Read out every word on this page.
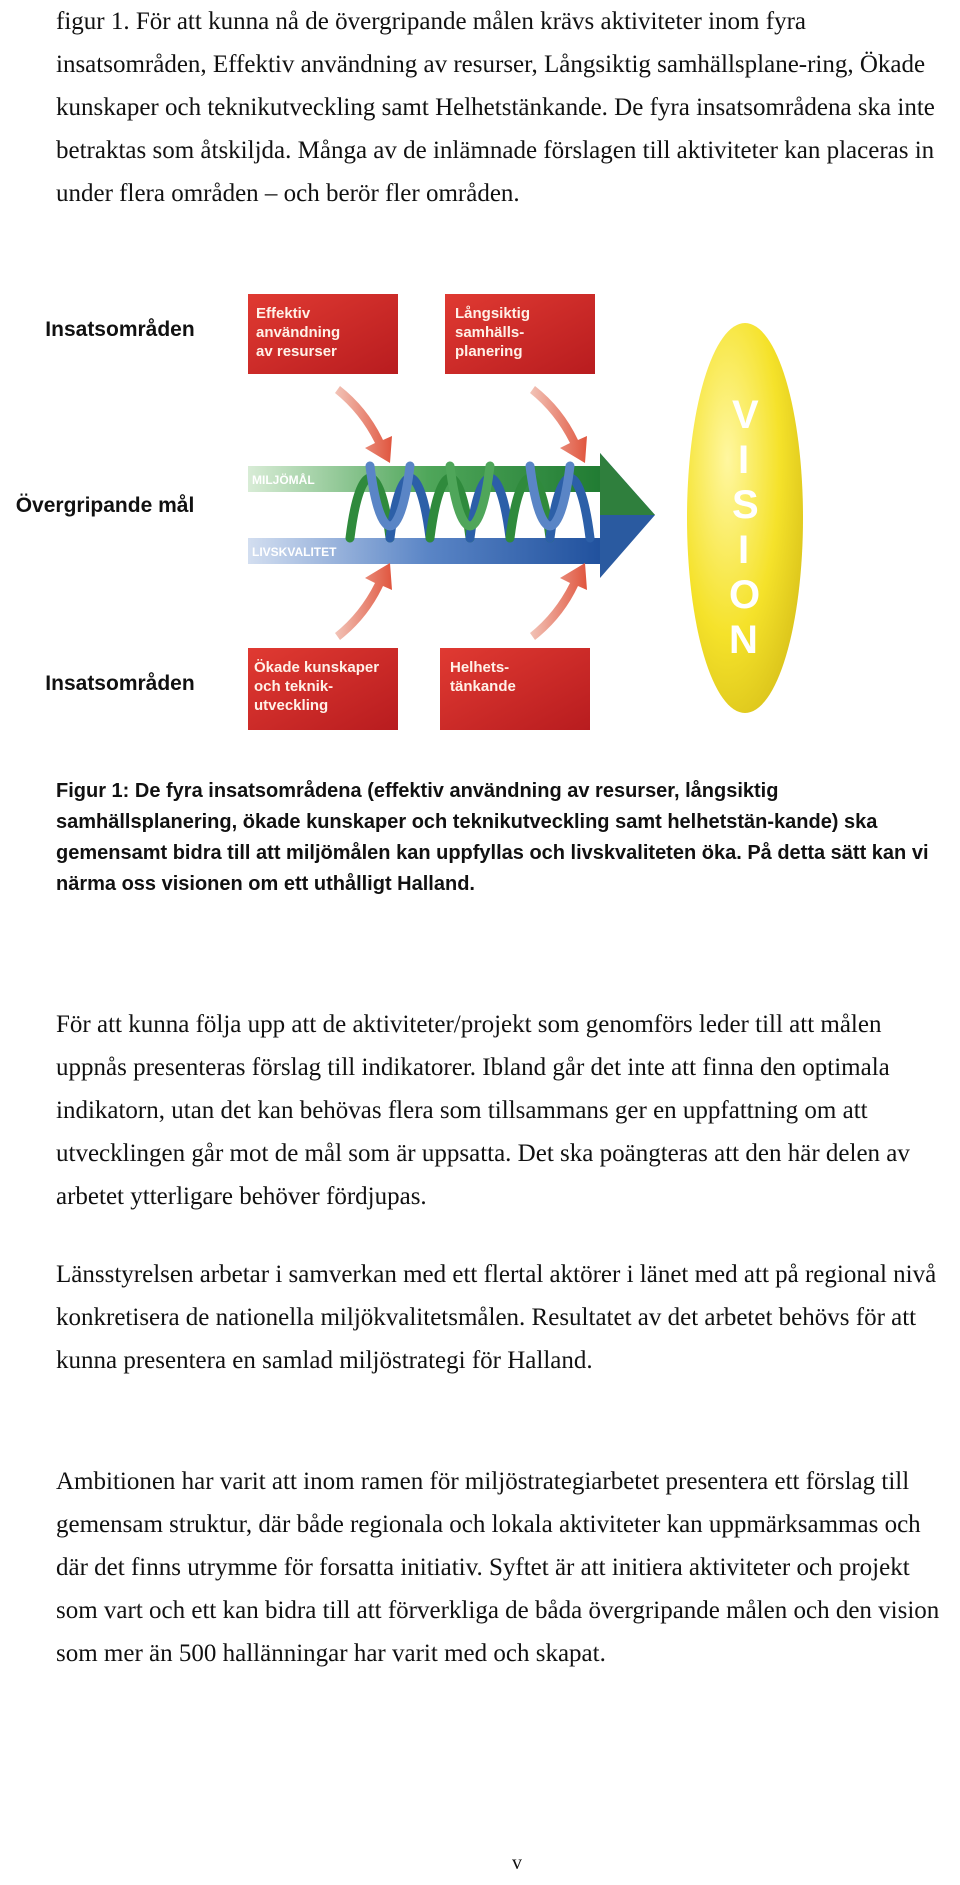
figur 1. För att kunna nå de övergripande målen krävs aktiviteter inom fyra insatsområden, Effektiv användning av resurser, Långsiktig samhällsplane-ring, Ökade kunskaper och teknikutveckling samt Helhetstänkande. De fyra insatsområdena ska inte betraktas som åtskiljda. Många av de inlämnade förslagen till aktiviteter kan placeras in under flera områden – och berör fler områden.

Insatsområden
Övergripande mål
Insatsområden
Effektiv
användning
av resurser
Långsiktig
samhälls-
planering
MILJÖMÅL
LIVSKVALITET
V
I
S
I
O
N
Ökade kunskaper
och teknik-
utveckling
Helhets-
tänkande

Figur 1: De fyra insatsområdena (effektiv användning av resurser, långsiktig samhällsplanering, ökade kunskaper och teknikutveckling samt helhetstän-kande) ska gemensamt bidra till att miljömålen kan uppfyllas och livskvaliteten öka. På detta sätt kan vi närma oss visionen om ett uthålligt Halland.

För att kunna följa upp att de aktiviteter/projekt som genomförs leder till att målen uppnås presenteras förslag till indikatorer. Ibland går det inte att finna den optimala indikatorn, utan det kan behövas flera som tillsammans ger en uppfattning om att utvecklingen går mot de mål som är uppsatta. Det ska poängteras att den här delen av arbetet ytterligare behöver fördjupas.

Länsstyrelsen arbetar i samverkan med ett flertal aktörer i länet med att på regional nivå konkretisera de nationella miljökvalitetsmålen. Resultatet av det arbetet behövs för att kunna presentera en samlad miljöstrategi för Halland.

Ambitionen har varit att inom ramen för miljöstrategiarbetet presentera ett förslag till gemensam struktur, där både regionala och lokala aktiviteter kan uppmärksammas och där det finns utrymme för forsatta initiativ. Syftet är att initiera aktiviteter och projekt som vart och ett kan bidra till att förverkliga de båda övergripande målen och den vision som mer än 500 hallänningar har varit med och skapat.

v
